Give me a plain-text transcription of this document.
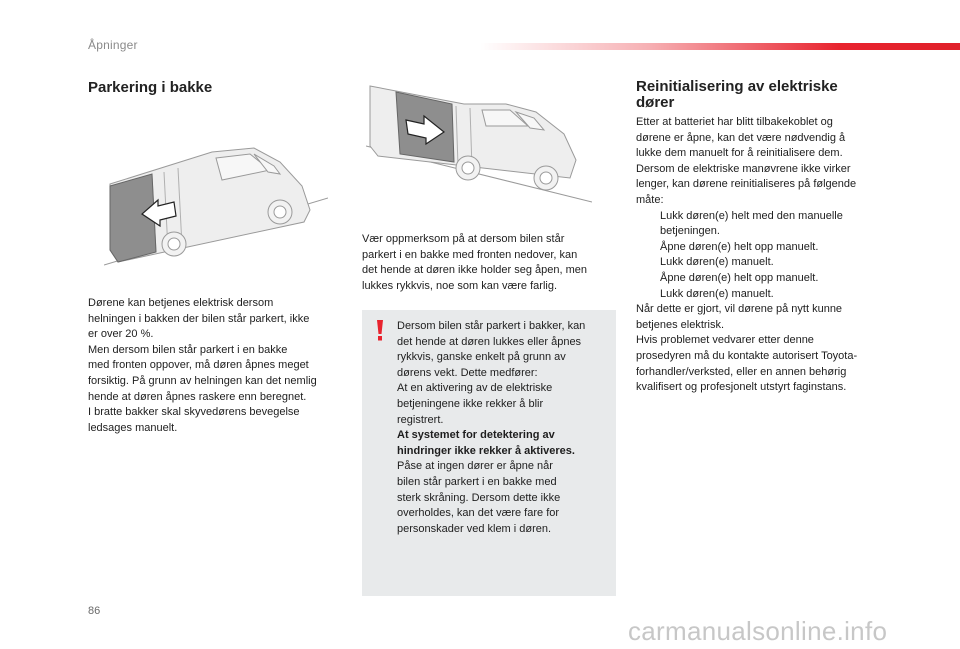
Åpninger
Parkering i bakke
Dørene kan betjenes elektrisk dersom
helningen i bakken der bilen står parkert, ikke
er over 20 %.
Men dersom bilen står parkert i en bakke
med fronten oppover, må døren åpnes meget
forsiktig. På grunn av helningen kan det nemlig
hende at døren åpnes raskere enn beregnet.
I bratte bakker skal skyvedørens bevegelse
ledsages manuelt.
Vær oppmerksom på at dersom bilen står
parkert i en bakke med fronten nedover, kan
det hende at døren ikke holder seg åpen, men
lukkes rykkvis, noe som kan være farlig.
Dersom bilen står parkert i bakker, kan
det hende at døren lukkes eller åpnes
rykkvis, ganske enkelt på grunn av
dørens vekt. Dette medfører:
At en aktivering av de elektriske
betjeningene ikke rekker å blir
registrert.
At systemet for detektering av
hindringer ikke rekker å aktiveres.
Påse at ingen dører er åpne når
bilen står parkert i en bakke med
sterk skråning. Dersom dette ikke
overholdes, kan det være fare for
personskader ved klem i døren.
Reinitialisering av elektriske
dører
Etter at batteriet har blitt tilbakekoblet og
dørene er åpne, kan det være nødvendig å
lukke dem manuelt for å reinitialisere dem.
Dersom de elektriske manøvrene ikke virker
lenger, kan dørene reinitialiseres på følgende
måte:
Lukk døren(e) helt med den manuelle
betjeningen.
Åpne døren(e) helt opp manuelt.
Lukk døren(e) manuelt.
Åpne døren(e) helt opp manuelt.
Lukk døren(e) manuelt.
Når dette er gjort, vil dørene på nytt kunne
betjenes elektrisk.
Hvis problemet vedvarer etter denne
prosedyren må du kontakte autorisert Toyota-
forhandler/verksted, eller en annen behørig
kvalifisert og profesjonelt utstyrt faginstans.
86
carmanualsonline.info
